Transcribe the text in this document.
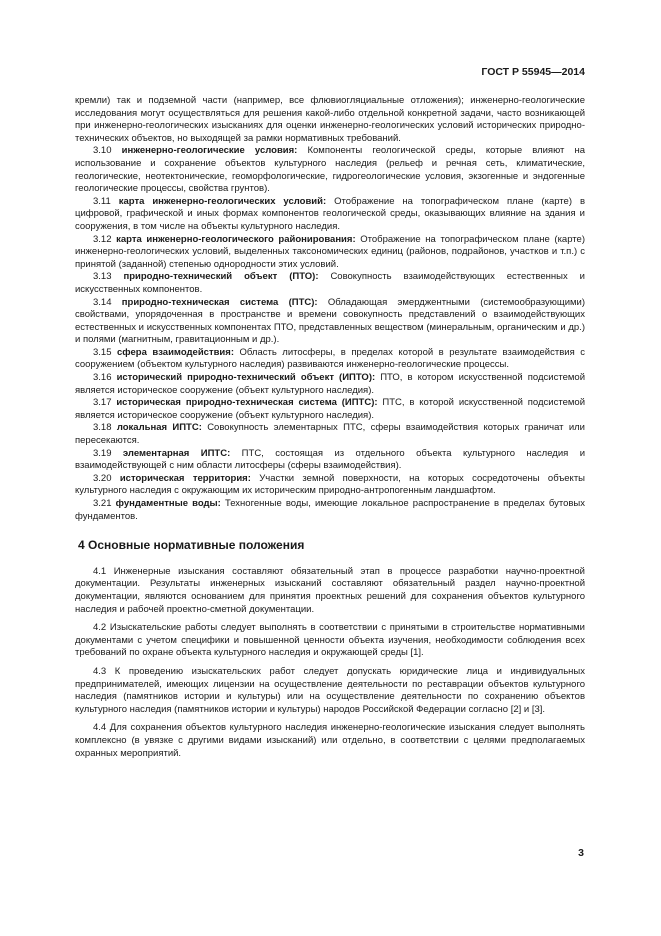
ГОСТ Р 55945—2014

кремли) так и подземной части (например, все флювиогляциальные отложения); инженерно-геологические исследования могут осуществляться для решения какой-либо отдельной конкретной задачи, часто возникающей при инженерно-геологических изысканиях для оценки инженерно-геологических условий исторических природно-технических объектов, но выходящей за рамки нормативных требований.

3.10 инженерно-геологические условия: Компоненты геологической среды, которые влияют на использование и сохранение объектов культурного наследия (рельеф и речная сеть, климатические, геологические, неотектонические, геоморфологические, гидрогеологические условия, экзогенные и эндогенные геологические процессы, свойства грунтов).

3.11 карта инженерно-геологических условий: Отображение на топографическом плане (карте) в цифровой, графической и иных формах компонентов геологической среды, оказывающих влияние на здания и сооружения, в том числе на объекты культурного наследия.

3.12 карта инженерно-геологического районирования: Отображение на топографическом плане (карте) инженерно-геологических условий, выделенных таксономических единиц (районов, подрайонов, участков и т.п.) с принятой (заданной) степенью однородности этих условий.

3.13 природно-технический объект (ПТО): Совокупность взаимодействующих естественных и искусственных компонентов.

3.14 природно-техническая система (ПТС): Обладающая эмерджентными (системообразующими) свойствами, упорядоченная в пространстве и времени совокупность представлений о взаимодействующих естественных и искусственных компонентах ПТО, представленных веществом (минеральным, органическим и др.) и полями (магнитным, гравитационным и др.).

3.15 сфера взаимодействия: Область литосферы, в пределах которой в результате взаимодействия с сооружением (объектом культурного наследия) развиваются инженерно-геологические процессы.

3.16 исторический природно-технический объект (ИПТО): ПТО, в котором искусственной подсистемой является историческое сооружение (объект культурного наследия).

3.17 историческая природно-техническая система (ИПТС): ПТС, в которой искусственной подсистемой является историческое сооружение (объект культурного наследия).

3.18 локальная ИПТС: Совокупность элементарных ПТС, сферы взаимодействия которых граничат или пересекаются.

3.19 элементарная ИПТС: ПТС, состоящая из отдельного объекта культурного наследия и взаимодействующей с ним области литосферы (сферы взаимодействия).

3.20 историческая территория: Участки земной поверхности, на которых сосредоточены объекты культурного наследия с окружающим их историческим природно-антропогенным ландшафтом.

3.21 фундаментные воды: Техногенные воды, имеющие локальное распространение в пределах бутовых фундаментов.

4 Основные нормативные положения

4.1 Инженерные изыскания составляют обязательный этап в процессе разработки научно-проектной документации. Результаты инженерных изысканий составляют обязательный раздел научно-проектной документации, являются основанием для принятия проектных решений для сохранения объектов культурного наследия и рабочей проектно-сметной документации.

4.2 Изыскательские работы следует выполнять в соответствии с принятыми в строительстве нормативными документами с учетом специфики и повышенной ценности объекта изучения, необходимости соблюдения всех требований по охране объекта культурного наследия и окружающей среды [1].

4.3 К проведению изыскательских работ следует допускать юридические лица и индивидуальных предпринимателей, имеющих лицензии на осуществление деятельности по реставрации объектов культурного наследия (памятников истории и культуры) или на осуществление деятельности по сохранению объектов культурного наследия (памятников истории и культуры) народов Российской Федерации согласно [2] и [3].

4.4 Для сохранения объектов культурного наследия инженерно-геологические изыскания следует выполнять комплексно (в увязке с другими видами изысканий) или отдельно, в соответствии с целями предполагаемых охранных мероприятий.

3
